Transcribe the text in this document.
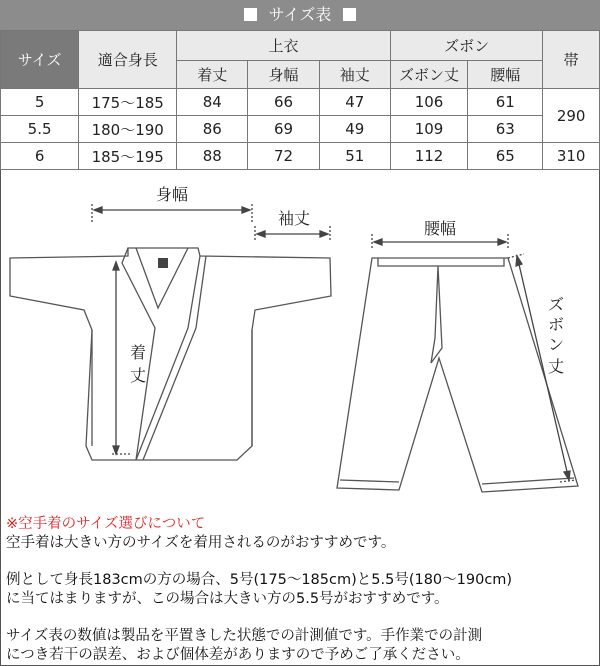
サイズ表
サイズ	適合身長	上衣			ズボン		帯
		着丈	身幅	袖丈	ズボン丈	腰幅	
5	175～185	84	66	47	106	61	290
5.5	180～190	86	69	49	109	63	
6	185～195	88	72	51	112	65	310
身幅
袖丈
着
丈
腰幅
ズ
ボ
ン
丈

※空手着のサイズ選びについて

空手着は大きい方のサイズを着用されるのがおすすめです。

例として身長183cmの方の場合、5号(175～185cm)と5.5号(180～190cm)

に当てはまりますが、この場合は大きい方の5.5号がおすすめです。

サイズ表の数値は製品を平置きした状態での計測値です。手作業での計測

につき若干の誤差、および個体差がありますので予めご了承ください。
